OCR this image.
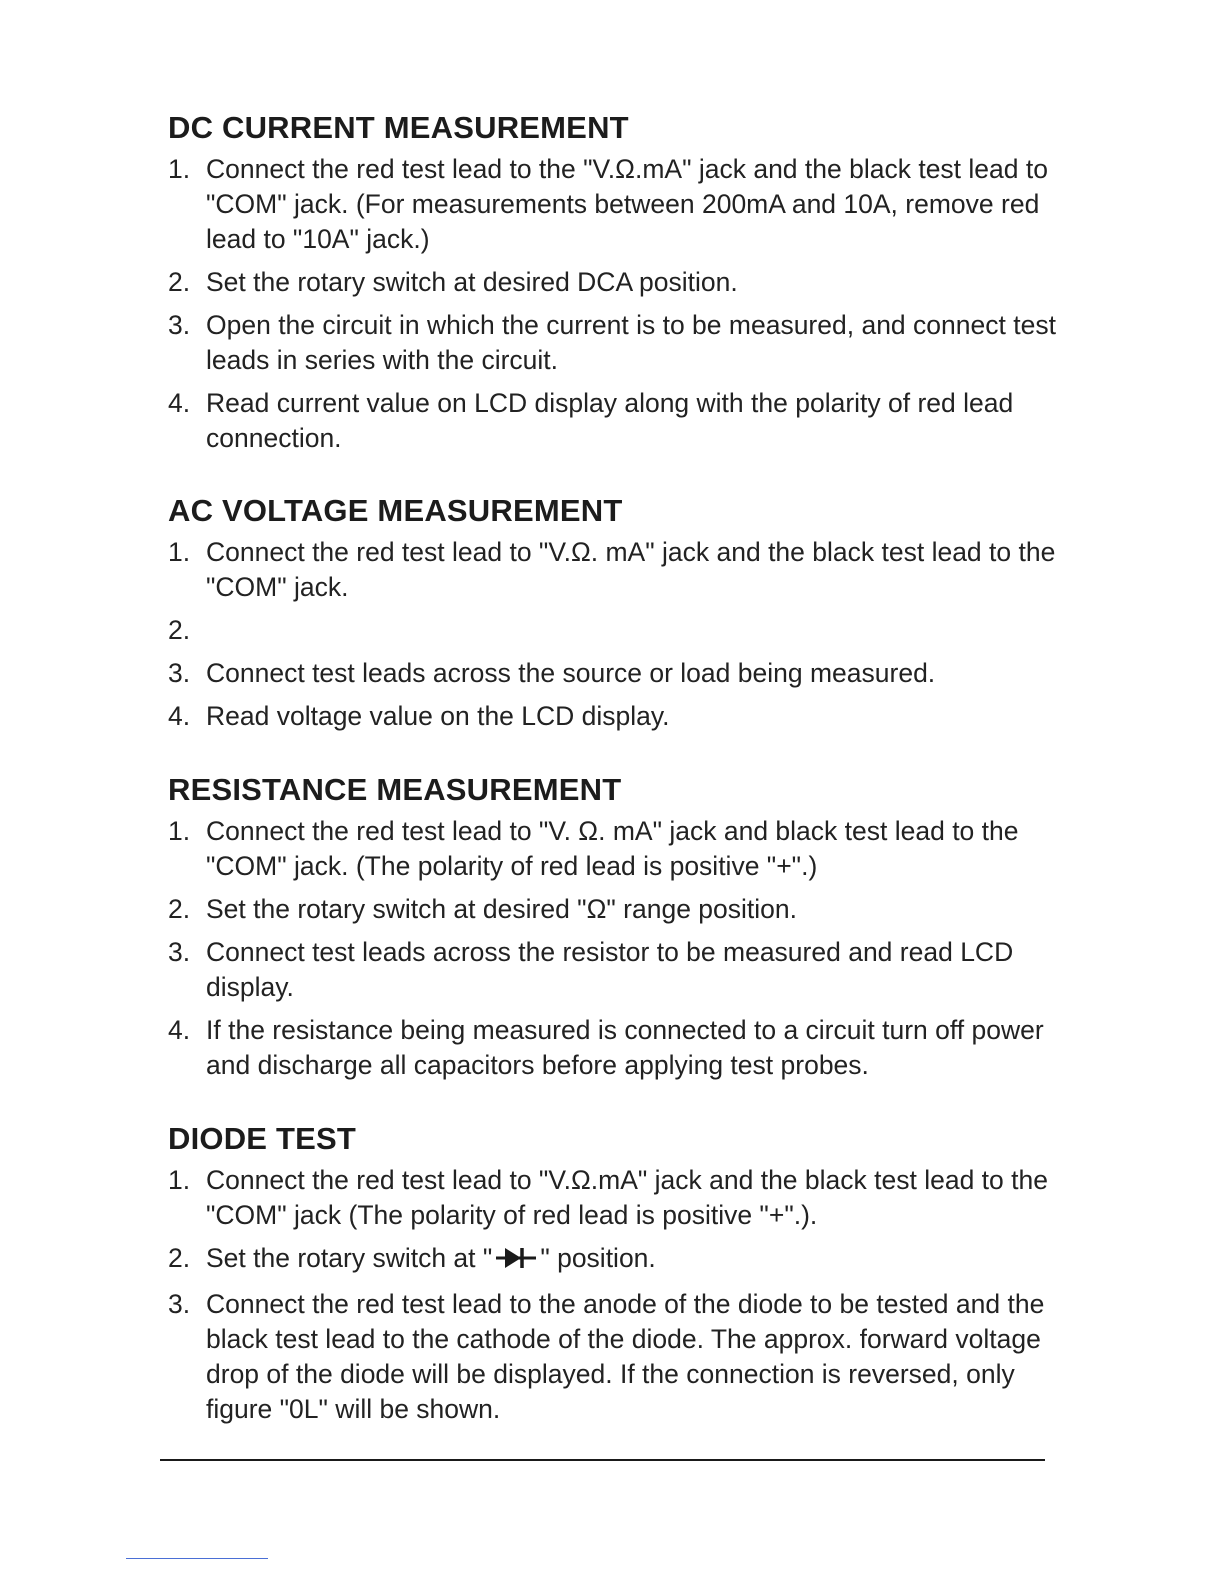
DC CURRENT MEASUREMENT
1. Connect the red test lead to the "V.Ω.mA" jack and the black test lead to "COM" jack. (For measurements between 200mA and 10A, remove red lead to "10A" jack.)
2. Set the rotary switch at desired DCA position.
3. Open the circuit in which the current is to be measured, and connect test leads in series with the circuit.
4. Read current value on LCD display along with the polarity of red lead connection.
AC VOLTAGE MEASUREMENT
1. Connect the red test lead to "V.Ω. mA" jack and the black test lead to the "COM" jack.
2.
3. Connect test leads across the source or load being measured.
4. Read voltage value on the LCD display.
RESISTANCE MEASUREMENT
1. Connect the red test lead to "V. Ω. mA" jack and black test lead to the "COM" jack. (The polarity of red lead is positive "+".)
2. Set the rotary switch at desired "Ω" range position.
3. Connect test leads across the resistor to be measured and read LCD display.
4. If the resistance being measured is connected to a circuit turn off power and discharge all capacitors before applying test probes.
DIODE TEST
1. Connect the red test lead to "V.Ω.mA" jack and the black test lead to the "COM" jack (The polarity of red lead is positive "+".).
2. Set the rotary switch at " " position.
3. Connect the red test lead to the anode of the diode to be tested and the black test lead to the cathode of the diode. The approx. forward voltage drop of the diode will be displayed. If the connection is reversed, only figure "0L" will be shown.
